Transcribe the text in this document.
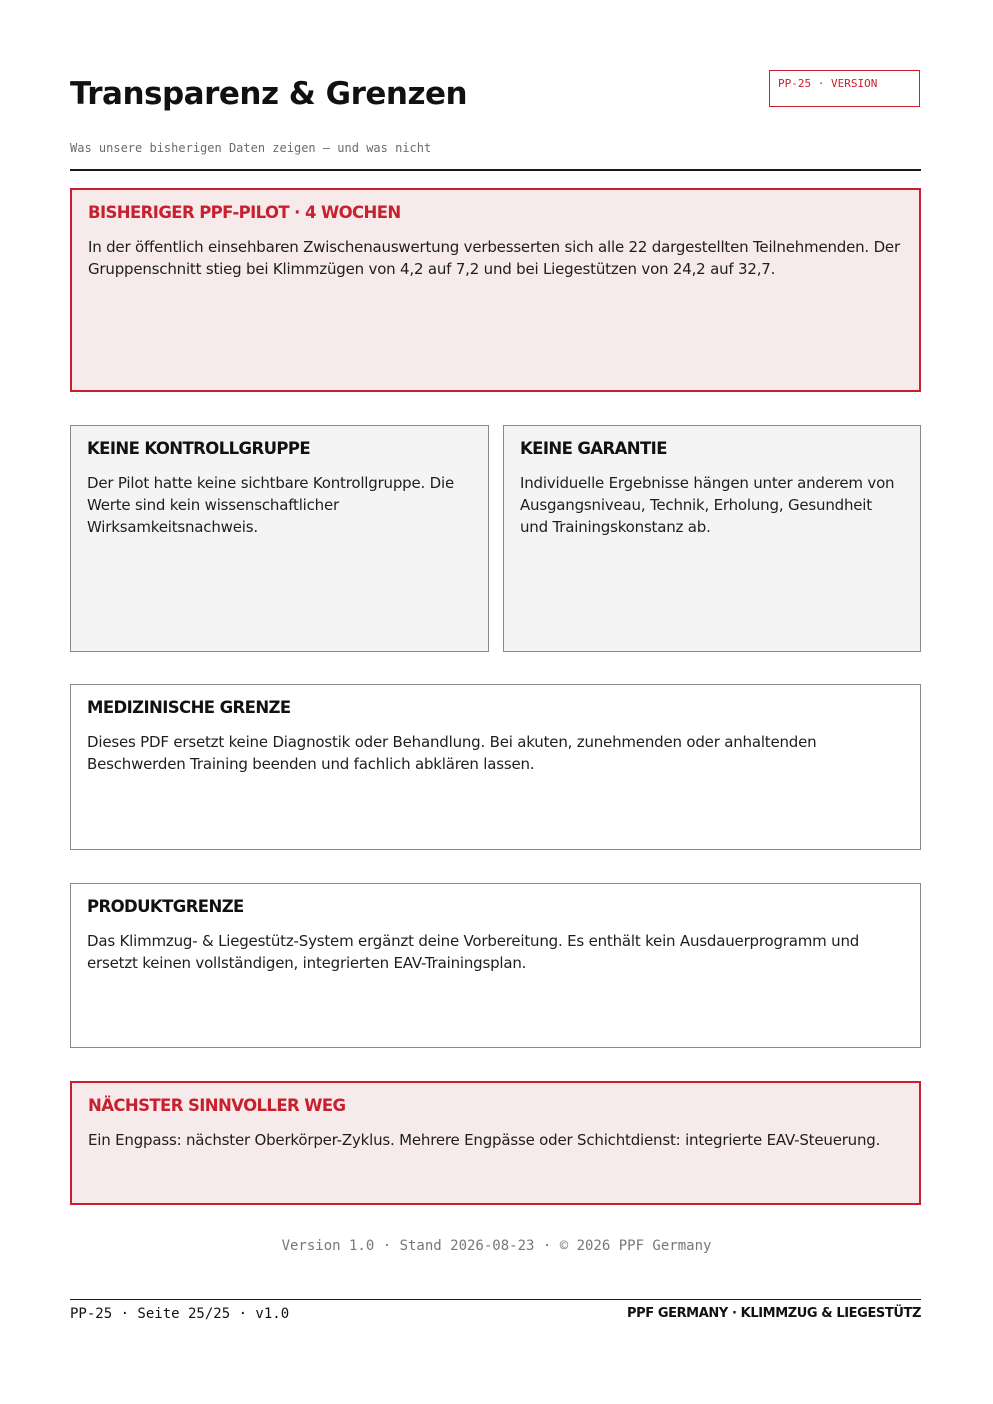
Transparenz & Grenzen	PP-25 · VERSION
Was unsere bisherigen Daten zeigen — und was nicht
BISHERIGER PPF-PILOT · 4 WOCHEN

In der öffentlich einsehbaren Zwischenauswertung verbesserten sich alle 22 dargestellten Teilnehmenden. Der Gruppenschnitt stieg bei Klimmzügen von 4,2 auf 7,2 und bei Liegestützen von 24,2 auf 32,7.

KEINE KONTROLLGRUPPE

Der Pilot hatte keine sichtbare Kontrollgruppe. Die Werte sind kein wissenschaftlicher Wirksamkeitsnachweis.

KEINE GARANTIE

Individuelle Ergebnisse hängen unter anderem von Ausgangsniveau, Technik, Erholung, Gesundheit und Trainingskonstanz ab.

MEDIZINISCHE GRENZE

Dieses PDF ersetzt keine Diagnostik oder Behandlung. Bei akuten, zunehmenden oder anhaltenden Beschwerden Training beenden und fachlich abklären lassen.

PRODUKTGRENZE

Das Klimmzug- & Liegestütz-System ergänzt deine Vorbereitung. Es enthält kein Ausdauerprogramm und ersetzt keinen vollständigen, integrierten EAV-Trainingsplan.

NÄCHSTER SINNVOLLER WEG

Ein Engpass: nächster Oberkörper-Zyklus. Mehrere Engpässe oder Schichtdienst: integrierte EAV-Steuerung.

Version 1.0 · Stand 2026-08-23 · © 2026 PPF Germany
PP-25 · Seite 25/25 · v1.0	PPF GERMANY · KLIMMZUG & LIEGESTÜTZ
